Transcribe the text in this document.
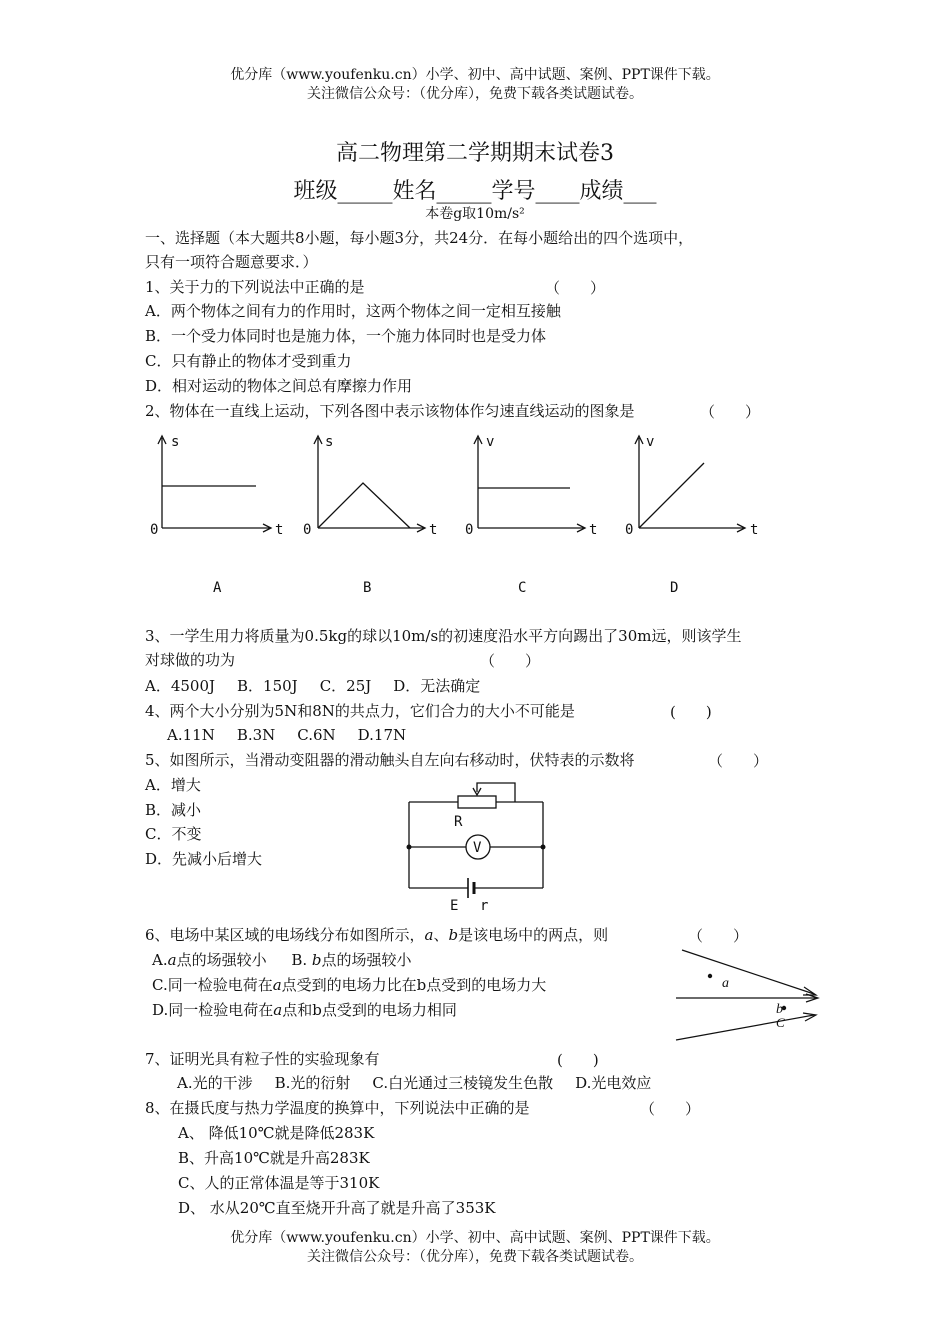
优分库（www.youfenku.cn）小学、初中、高中试题、案例、PPT课件下载。
关注微信公众号：（优分库），免费下载各类试题试卷。
高二物理第二学期期末试卷3
班级_____姓名_____学号____成绩___
本卷g取10m/s²
一、选择题（本大题共8小题，每小题3分，共24分．在每小题给出的四个选项中，
只有一项符合题意要求．）
1、关于力的下列说法中正确的是	（　　）
A．两个物体之间有力的作用时，这两个物体之间一定相互接触
B．一个受力体同时也是施力体，一个施力体同时也是受力体
C．只有静止的物体才受到重力
D．相对运动的物体之间总有摩擦力作用
2、物体在一直线上运动，下列各图中表示该物体作匀速直线运动的图象是	（　　）
s
0	t
A
s
0	t
B
v
0	t
C
v
0	t
D
3、一学生用力将质量为0.5kg的球以10m/s的初速度沿水平方向踢出了30m远，则该学生
对球做的功为	（　　）
A．4500J B．150J C．25J D．无法确定
4、两个大小分别为5N和8N的共点力，它们合力的大小不可能是	(　　)
A.11N B.3N C.6N D.17N
5、如图所示，当滑动变阻器的滑动触头自左向右移动时，伏特表的示数将	（　　）
A．增大
B．减小
C．不变
D．先减小后增大
R
V
E r
6、电场中某区域的电场线分布如图所示，a、b是该电场中的两点，则	（　　）
A.a点的场强较小 B. b点的场强较小
C.同一检验电荷在a点受到的电场力比在b点受到的电场力大
D.同一检验电荷在a点和b点受到的电场力相同
a
b
C
7、证明光具有粒子性的实验现象有	(　　)
A.光的干涉 B.光的衍射 C.白光通过三棱镜发生色散 D.光电效应
8、在摄氏度与热力学温度的换算中，下列说法中正确的是	（　　）
A、 降低10℃就是降低283K
B、升高10℃就是升高283K
C、人的正常体温是等于310K
D、 水从20℃直至烧开升高了就是升高了353K
优分库（www.youfenku.cn）小学、初中、高中试题、案例、PPT课件下载。
关注微信公众号：（优分库），免费下载各类试题试卷。
